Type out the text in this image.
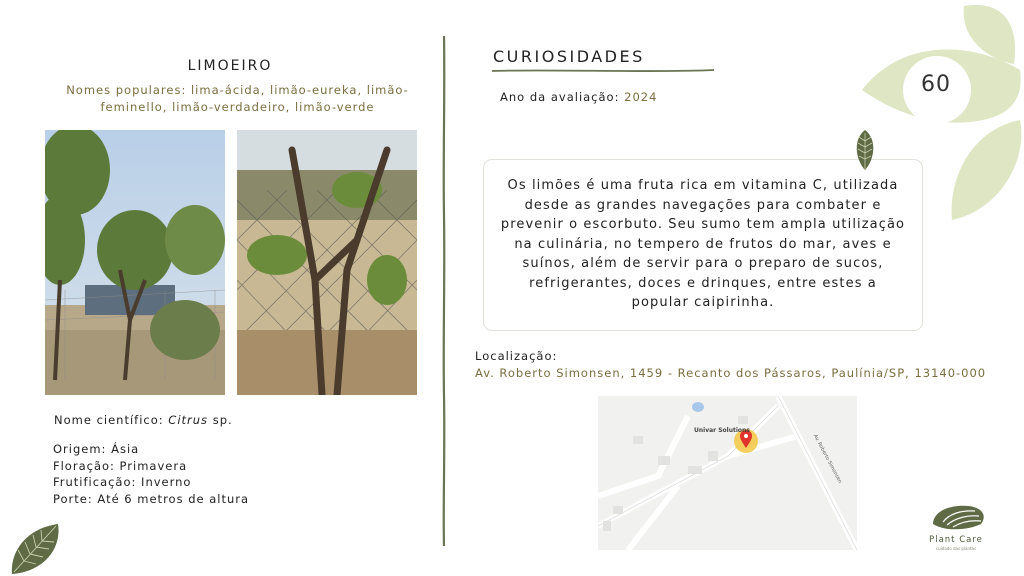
LIMOEIRO
Nomes populares: lima-ácida, limão-eureka, limão-feminello, limão-verdadeiro, limão-verde
Nome científico: Citrus sp.
Origem: Ásia
Floração: Primavera
Frutificação: Inverno
Porte: Até 6 metros de altura
CURIOSIDADES
Ano da avaliação: 2024

Os limões é uma fruta rica em vitamina C, utilizada desde as grandes navegações para combater e prevenir o escorbuto. Seu sumo tem ampla utilização na culinária, no tempero de frutos do mar, aves e suínos, além de servir para o preparo de sucos, refrigerantes, doces e drinques, entre estes a popular caipirinha.

Localização:
Av. Roberto Simonsen, 1459 - Recanto dos Pássaros, Paulínia/SP, 13140-000
Univar Solutions
Av. Roberto Simonsen
60
Plant Care
cuidado das plantas
